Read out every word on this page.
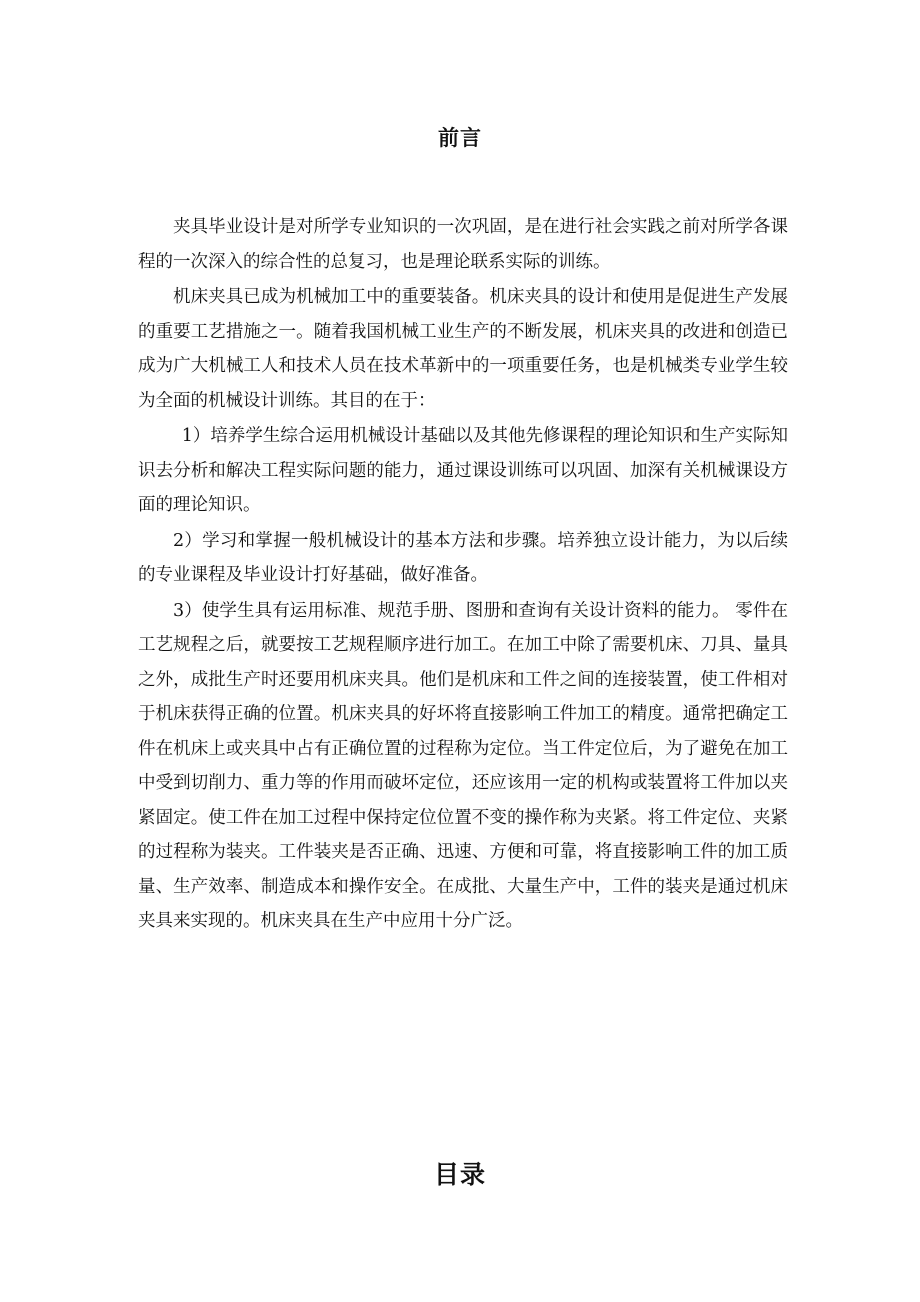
前言

夹具毕业设计是对所学专业知识的一次巩固，是在进行社会实践之前对所学各课程的一次深入的综合性的总复习，也是理论联系实际的训练。

机床夹具已成为机械加工中的重要装备。机床夹具的设计和使用是促进生产发展的重要工艺措施之一。随着我国机械工业生产的不断发展，机床夹具的改进和创造已成为广大机械工人和技术人员在技术革新中的一项重要任务，也是机械类专业学生较为全面的机械设计训练。其目的在于：

1）培养学生综合运用机械设计基础以及其他先修课程的理论知识和生产实际知识去分析和解决工程实际问题的能力，通过课设训练可以巩固、加深有关机械课设方面的理论知识。

2）学习和掌握一般机械设计的基本方法和步骤。培养独立设计能力，为以后续的专业课程及毕业设计打好基础，做好准备。

3）使学生具有运用标准、规范手册、图册和查询有关设计资料的能力。 零件在工艺规程之后，就要按工艺规程顺序进行加工。在加工中除了需要机床、刀具、量具之外，成批生产时还要用机床夹具。他们是机床和工件之间的连接装置，使工件相对于机床获得正确的位置。机床夹具的好坏将直接影响工件加工的精度。通常把确定工件在机床上或夹具中占有正确位置的过程称为定位。当工件定位后，为了避免在加工中受到切削力、重力等的作用而破坏定位，还应该用一定的机构或装置将工件加以夹紧固定。使工件在加工过程中保持定位位置不变的操作称为夹紧。将工件定位、夹紧的过程称为装夹。工件装夹是否正确、迅速、方便和可靠，将直接影响工件的加工质量、生产效率、制造成本和操作安全。在成批、大量生产中，工件的装夹是通过机床夹具来实现的。机床夹具在生产中应用十分广泛。

目录
